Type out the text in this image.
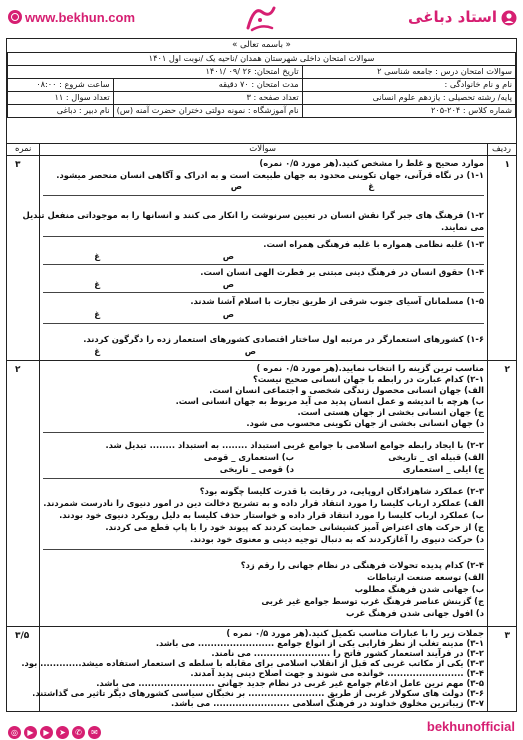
www.bekhun.com	استاد دباغی
« باسمه تعالی »
سوالات امتحان داخلی شهرستان همدان /ناحیه یک /نوبت اول ۱۴۰۱		
سوالات امتحان درس : جامعه شناسی ۲	تاریخ امتحان: ۲۶ /۰۹ /۱۴۰۱	
نام و نام خانوادگی :	مدت امتحان : ۷۰ دقیقه	ساعت شروع : ۰۸:۰۰
پایه/ رشته تحصیلی : یازدهم علوم انسانی	تعداد صفحه : ۳	تعداد سوال : ۱۱
شماره کلاس : ۲۰۴-۲۰۵	نام آموزشگاه : نمونه دولتی دختران حضرت آمنه (س)	نام دبیر : دباغی
ردیف
سوالات
نمره
۱
۳	موارد صحیح و غلط را مشخص کنید.(هر مورد ۰/۵ نمره)
۱-۱) در نگاه قرآنی، جهان تکوینی محدود به جهان طبیعت است و به ادراک و آگاهی انسان منحصر میشود.
ص	غ
۱-۲) فرهنگ های جبر گرا نقش انسان در تعیین سرنوشت را انکار می کنند و انسانها را به موجوداتی منفعل تبدیل
می نمایند.
۱-۳) غلبه نظامی همواره با غلبه فرهنگی همراه است.
ص
غ
۱-۴) حقوق انسان در فرهنگ دینی مبتنی بر فطرت الهی انسان است.
ص
غ
۱-۵) مسلمانان آسیای جنوب شرقی از طریق تجارت با اسلام آشنا شدند.
ص
غ
۱-۶) کشورهای استعمارگر در مرتبه اول ساختار اقتصادی کشورهای استعمار زده را دگرگون کردند.
ص
غ
۲
۲	مناسب ترین گزینه را انتخاب نمایید.(هر مورد ۰/۵ نمره )
۲-۱) کدام عبارت در رابطه با جهان انسانی صحیح نیست؟
الف) جهان انسانی محصول زندگی شخصی و اجتماعی انسان است.
ب) هرچه با اندیشه و عمل انسان پدید می آید مربوط به جهان انسانی است.
ج) جهان انسانی بخشی از جهان هستی است.
د) جهان انسانی بخشی از جهان تکوینی محسوب می شود.
۲-۲) با ایجاد رابطه جوامع اسلامی با جوامع غربی استبداد ........ به استبداد ........ تبدیل شد.
الف) قبیله ای _ تاریخی
ب) استعماری _ قومی
ج) ایلی _ استعماری
د) قومی _ تاریخی
۲-۳) عملکرد شاهزادگان اروپایی، در رقابت با قدرت کلیسا چگونه بود؟
الف) عملکرد ارباب کلیسا را مورد انتقاد قرار داده و به تشریح دخالت دین در امور دنیوی را نادرست شمردند.
ب) عملکرد ارباب کلیسا را مورد انتقاد قرار داده و خواستار حذف کلیسا به دلیل رویکرد دنیوی خود بودند.
ج) از حرکت های اعتراض آمیز کشیشانی حمایت کردند که پیوند خود را با پاپ قطع می کردند.
د) حرکت دنیوی را آغازکردند که به دنبال توجیه دینی و معنوی خود بودند.
۲-۴) کدام پدیده تحولات فرهنگی در نظام جهانی را رقم زد؟
الف) توسعه صنعت ارتباطات
ب) جهانی شدن فرهنگ مطلوب
ج) گزینش عناصر فرهنگ غرب توسط جوامع غیر غربی
د) افول جهانی شدن فرهنگ غرب
۳
۳/۵	جملات زیر را با عبارات مناسب تکمیل کنید.(هر مورد ۰/۵ نمره )
۳-۱) مدینه تغلب از نظر فارابی یکی از انواع جوامع ........................ می باشد.
۳-۲) در فرآیند استعمار کشور فاتح را ........................ می نامند.
۳-۳) یکی از مکاتب غربی که قبل از انقلاب اسلامی برای مقابله با سلطه ی استعمار استفاده میشد............. بود.
۳-۴) ........................ خوانده می شوند و جهت اصلاح دینی پدید آمدند.
۳-۵) مهم ترین عامل ادغام جوامع غیر غربی در نظام جدید جهانی ........................ می باشد.
۳-۶) دولت های سکولار غربی از طریق ........................ بر نخبگان سیاسی کشورهای دیگر تاثیر می گذاشتند.
۳-۷) زیباترین مخلوق خداوند در فرهنگ اسلامی ........................ می باشد.
◎ ▶ ▶ ➤ ✆ ✉	bekhunofficial
